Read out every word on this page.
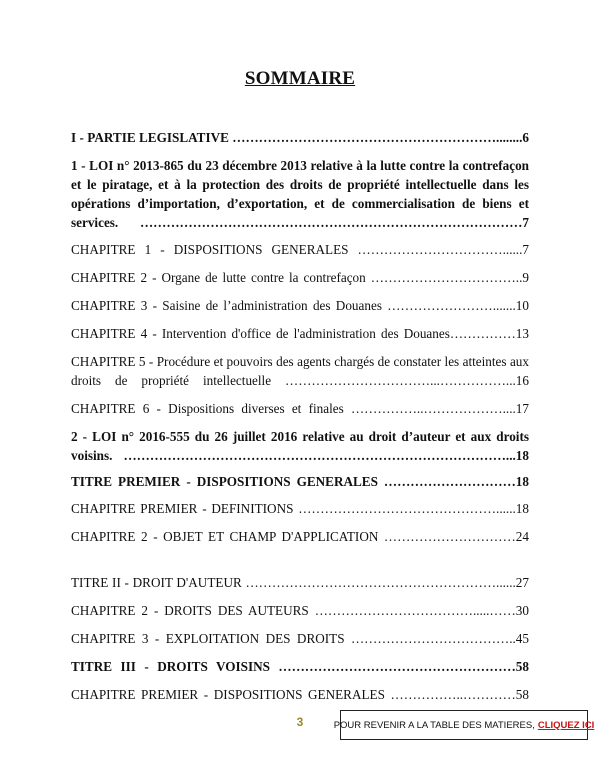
SOMMAIRE
I - PARTIE LEGISLATIVE ……………………………………………………........6
1 - LOI n° 2013-865 du 23 décembre 2013 relative à la lutte contre la contrefaçon et le piratage, et à la protection des droits de propriété intellectuelle dans les opérations d’importation, d’exportation, et de commercialisation de biens et services. ……………………………………………………………………………7
CHAPITRE 1 - DISPOSITIONS GENERALES ……………………………......7
CHAPITRE 2 - Organe de lutte contre la contrefaçon ……………………………..9
CHAPITRE 3 - Saisine de l’administration des Douanes …………………….......10
CHAPITRE 4 - Intervention d'office de l'administration des Douanes……………13
CHAPITRE 5 - Procédure et pouvoirs des agents chargés de constater les atteintes aux droits de propriété intellectuelle ……………………………...……………...16
CHAPITRE 6 - Dispositions diverses et finales ……………..………………....17
2 - LOI n° 2016-555 du 26 juillet 2016 relative au droit d’auteur et aux droits voisins. ……………………………………………………………………………...18
TITRE PREMIER - DISPOSITIONS GENERALES …………………………18
CHAPITRE PREMIER - DEFINITIONS ………………………………………......18
CHAPITRE 2 - OBJET ET CHAMP D'APPLICATION …………………………24
TITRE II - DROIT D'AUTEUR …………………………………………………......27
CHAPITRE 2 - DROITS DES AUTEURS ……………………………….....……30
CHAPITRE 3 - EXPLOITATION DES DROITS ………………………………..45
TITRE III - DROITS VOISINS ………………………………………………58
CHAPITRE PREMIER - DISPOSITIONS GENERALES ……………..…………58
3	POUR REVENIR A LA TABLE DES MATIERES, CLIQUEZ ICI
